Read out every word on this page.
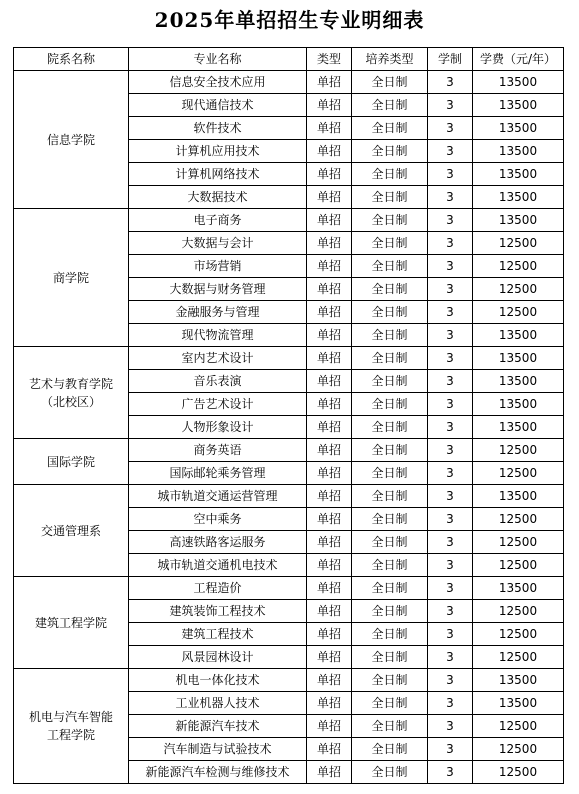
2025年单招招生专业明细表
院系名称	专业名称	类型	培养类型	学制	学费（元/年）

信息学院	信息安全技术应用	单招	全日制	3	13500
	现代通信技术	单招	全日制	3	13500
	软件技术	单招	全日制	3	13500
	计算机应用技术	单招	全日制	3	13500
	计算机网络技术	单招	全日制	3	13500
	大数据技术	单招	全日制	3	13500

商学院	电子商务	单招	全日制	3	13500
	大数据与会计	单招	全日制	3	12500
	市场营销	单招	全日制	3	12500
	大数据与财务管理	单招	全日制	3	12500
	金融服务与管理	单招	全日制	3	12500
	现代物流管理	单招	全日制	3	13500

艺术与教育学院
（北校区）	室内艺术设计	单招	全日制	3	13500
	音乐表演	单招	全日制	3	13500
	广告艺术设计	单招	全日制	3	13500
	人物形象设计	单招	全日制	3	13500

国际学院	商务英语	单招	全日制	3	12500
	国际邮轮乘务管理	单招	全日制	3	12500

交通管理系	城市轨道交通运营管理	单招	全日制	3	13500
	空中乘务	单招	全日制	3	12500
	高速铁路客运服务	单招	全日制	3	12500
	城市轨道交通机电技术	单招	全日制	3	12500

建筑工程学院	工程造价	单招	全日制	3	13500
	建筑装饰工程技术	单招	全日制	3	12500
	建筑工程技术	单招	全日制	3	12500
	风景园林设计	单招	全日制	3	12500

机电与汽车智能
工程学院	机电一体化技术	单招	全日制	3	13500
	工业机器人技术	单招	全日制	3	13500
	新能源汽车技术	单招	全日制	3	12500
	汽车制造与试验技术	单招	全日制	3	12500
	新能源汽车检测与维修技术	单招	全日制	3	12500
